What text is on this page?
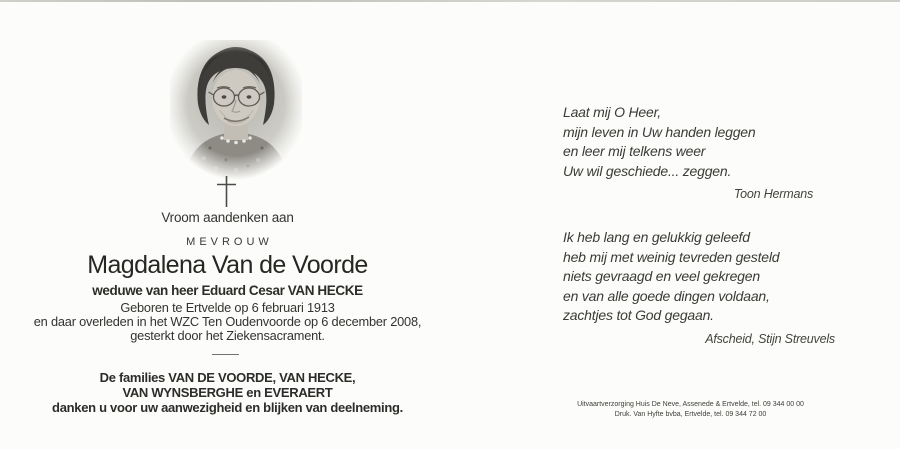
Vroom aandenken aan
MEVROUW
Magdalena Van de Voorde
weduwe van heer Eduard Cesar VAN HECKE
Geboren te Ertvelde op 6 februari 1913
en daar overleden in het WZC Ten Oudenvoorde op 6 december 2008,
gesterkt door het Ziekensacrament.
De families VAN DE VOORDE, VAN HECKE,
VAN WYNSBERGHE en EVERAERT
danken u voor uw aanwezigheid en blijken van deelneming.
Laat mij O Heer,
mijn leven in Uw handen leggen
en leer mij telkens weer
Uw wil geschiede... zeggen.
Toon Hermans
Ik heb lang en gelukkig geleefd
heb mij met weinig tevreden gesteld
niets gevraagd en veel gekregen
en van alle goede dingen voldaan,
zachtjes tot God gegaan.
Afscheid, Stijn Streuvels
Uitvaartverzorging Huis De Neve, Assenede & Ertvelde, tel. 09 344 00 00
Druk. Van Hyfte bvba, Ertvelde, tel. 09 344 72 00
